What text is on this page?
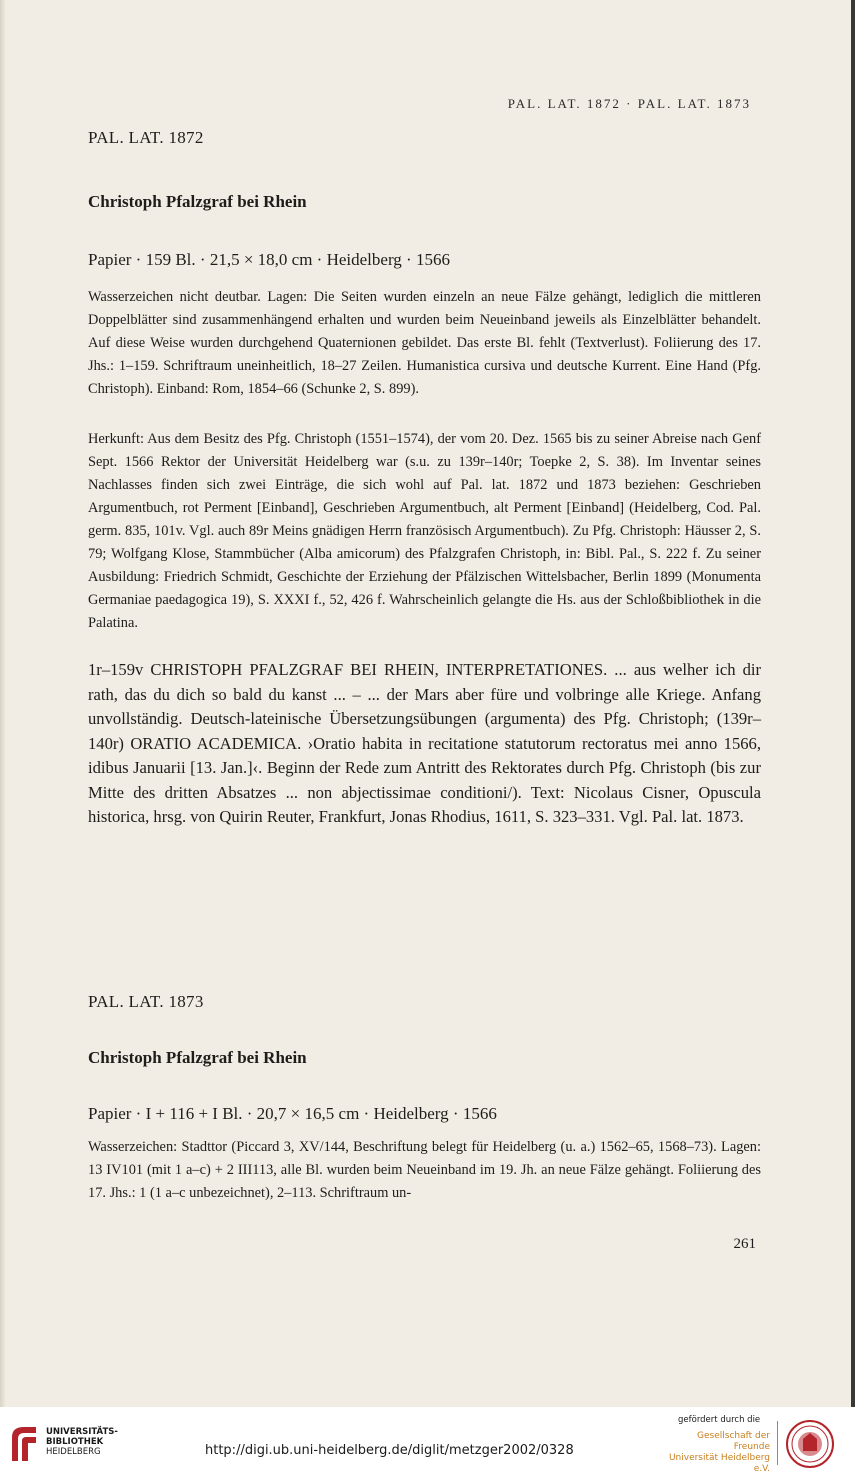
PAL. LAT. 1872 · PAL. LAT. 1873
PAL. LAT. 1872
Christoph Pfalzgraf bei Rhein
Papier · 159 Bl. · 21,5 × 18,0 cm · Heidelberg · 1566

Wasserzeichen nicht deutbar. Lagen: Die Seiten wurden einzeln an neue Fälze gehängt, lediglich die mittleren Doppelblätter sind zusammenhängend erhalten und wurden beim Neueinband jeweils als Einzelblätter behandelt. Auf diese Weise wurden durchgehend Quaternionen gebildet. Das erste Bl. fehlt (Textverlust). Foliierung des 17. Jhs.: 1–159. Schriftraum uneinheitlich, 18–27 Zeilen. Humanistica cursiva und deutsche Kurrent. Eine Hand (Pfg. Christoph). Einband: Rom, 1854–66 (Schunke 2, S. 899).

Herkunft: Aus dem Besitz des Pfg. Christoph (1551–1574), der vom 20. Dez. 1565 bis zu seiner Abreise nach Genf Sept. 1566 Rektor der Universität Heidelberg war (s.u. zu 139r–140r; Toepke 2, S. 38). Im Inventar seines Nachlasses finden sich zwei Einträge, die sich wohl auf Pal. lat. 1872 und 1873 beziehen: Geschrieben Argumentbuch, rot Perment [Einband], Geschrieben Argumentbuch, alt Perment [Einband] (Heidelberg, Cod. Pal. germ. 835, 101v. Vgl. auch 89r Meins gnädigen Herrn französisch Argumentbuch). Zu Pfg. Christoph: Häusser 2, S. 79; Wolfgang Klose, Stammbücher (Alba amicorum) des Pfalzgrafen Christoph, in: Bibl. Pal., S. 222 f. Zu seiner Ausbildung: Friedrich Schmidt, Geschichte der Erziehung der Pfälzischen Wittelsbacher, Berlin 1899 (Monumenta Germaniae paedagogica 19), S. XXXI f., 52, 426 f. Wahrscheinlich gelangte die Hs. aus der Schloßbibliothek in die Palatina.

1r–159v CHRISTOPH PFALZGRAF BEI RHEIN, INTERPRETATIONES. ... aus welher ich dir rath, das du dich so bald du kanst ... – ... der Mars aber füre und volbringe alle Kriege. Anfang unvollständig. Deutsch-lateinische Übersetzungsübungen (argumenta) des Pfg. Christoph; (139r–140r) ORATIO ACADEMICA. ›Oratio habita in recitatione statutorum rectoratus mei anno 1566, idibus Januarii [13. Jan.]‹. Beginn der Rede zum Antritt des Rektorates durch Pfg. Christoph (bis zur Mitte des dritten Absatzes ... non abjectissimae conditioni/). Text: Nicolaus Cisner, Opuscula historica, hrsg. von Quirin Reuter, Frankfurt, Jonas Rhodius, 1611, S. 323–331. Vgl. Pal. lat. 1873.

PAL. LAT. 1873
Christoph Pfalzgraf bei Rhein
Papier · I + 116 + I Bl. · 20,7 × 16,5 cm · Heidelberg · 1566

Wasserzeichen: Stadttor (Piccard 3, XV/144, Beschriftung belegt für Heidelberg (u. a.) 1562–65, 1568–73). Lagen: 13 IV101 (mit 1 a–c) + 2 III113, alle Bl. wurden beim Neueinband im 19. Jh. an neue Fälze gehängt. Foliierung des 17. Jhs.: 1 (1 a–c unbezeichnet), 2–113. Schriftraum un-

261
UNIVERSITÄTS-
BIBLIOTHEK
HEIDELBERG	http://digi.ub.uni-heidelberg.de/diglit/metzger2002/0328
gefördert durch die
Gesellschaft der Freunde
Universität Heidelberg e.V.
